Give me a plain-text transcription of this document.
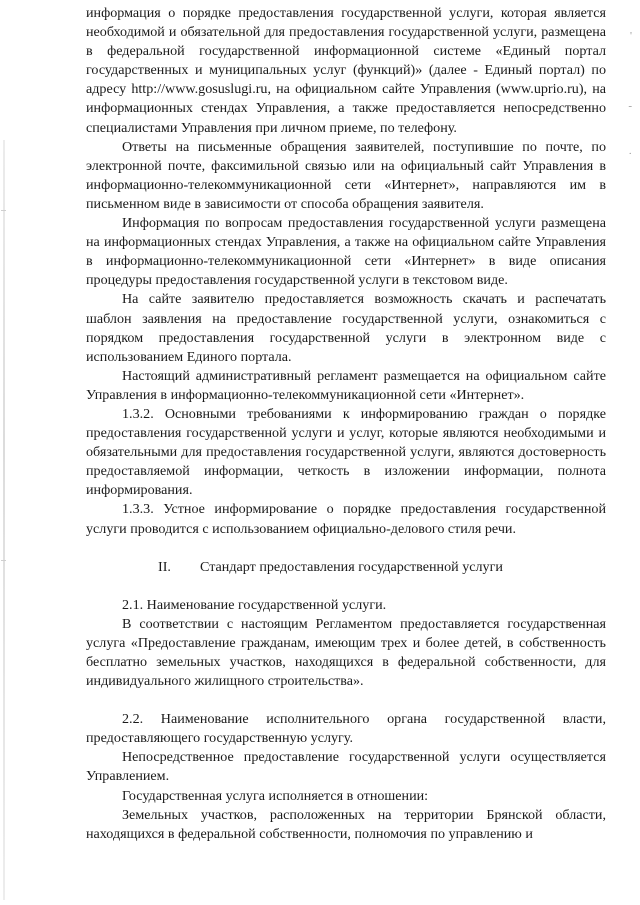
'
-
·

информация о порядке предоставления государственной услуги, которая является необходимой и обязательной для предоставления государственной услуги, размещена в федеральной государственной информационной системе «Единый портал государственных и муниципальных услуг (функций)» (далее - Единый портал) по адресу http://www.gosuslugi.ru, на официальном сайте Управления (www.uprio.ru), на информационных стендах Управления, а также предоставляется непосредственно специалистами Управления при личном приеме, по телефону.

Ответы на письменные обращения заявителей, поступившие по почте, по электронной почте, факсимильной связью или на официальный сайт Управления в информационно-телекоммуникационной сети «Интернет», направляются им в письменном виде в зависимости от способа обращения заявителя.

Информация по вопросам предоставления государственной услуги размещена на информационных стендах Управления, а также на официальном сайте Управления в информационно-телекоммуникационной сети «Интернет» в виде описания процедуры предоставления государственной услуги в текстовом виде.

На сайте заявителю предоставляется возможность скачать и распечатать шаблон заявления на предоставление государственной услуги, ознакомиться с порядком предоставления государственной услуги в электронном виде с использованием Единого портала.

Настоящий административный регламент размещается на официальном сайте Управления в информационно-телекоммуникационной сети «Интернет».

1.3.2. Основными требованиями к информированию граждан о порядке предоставления государственной услуги и услуг, которые являются необходимыми и обязательными для предоставления государственной услуги, являются достоверность предоставляемой информации, четкость в изложении информации, полнота информирования.

1.3.3. Устное информирование о порядке предоставления государственной услуги проводится с использованием официально-делового стиля речи.

II. Стандарт предоставления государственной услуги

2.1. Наименование государственной услуги.

В соответствии с настоящим Регламентом предоставляется государственная услуга «Предоставление гражданам, имеющим трех и более детей, в собственность бесплатно земельных участков, находящихся в федеральной собственности, для индивидуального жилищного строительства».

2.2. Наименование исполнительного органа государственной власти, предоставляющего государственную услугу.

Непосредственное предоставление государственной услуги осуществляется Управлением.

Государственная услуга исполняется в отношении:

Земельных участков, расположенных на территории Брянской области, находящихся в федеральной собственности, полномочия по управлению и
